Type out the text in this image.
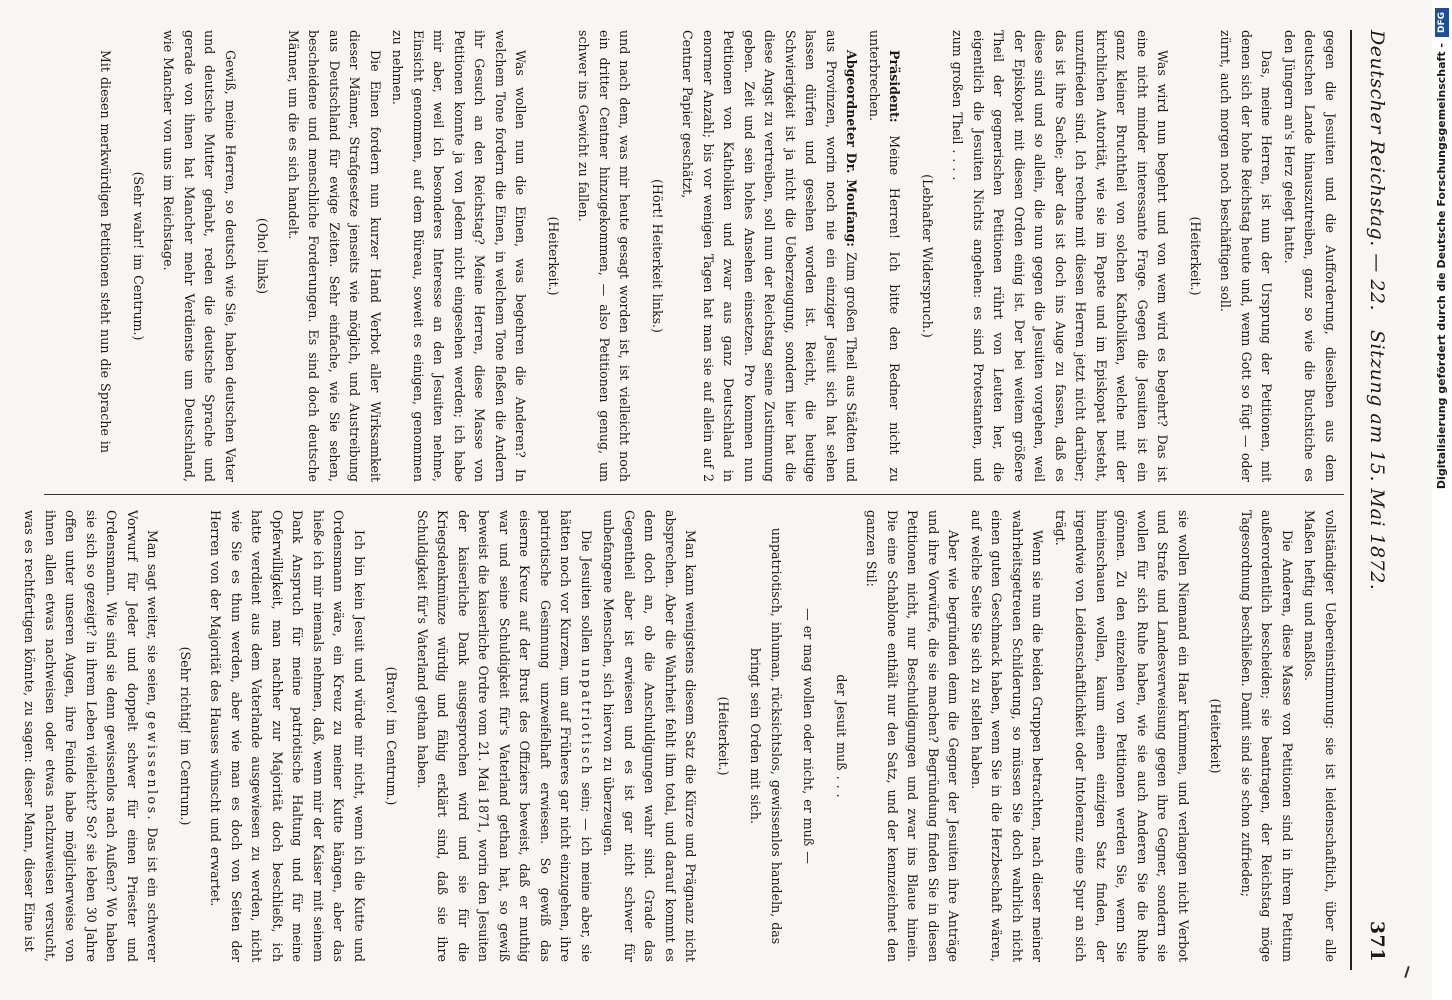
Deutscher Reichstag. — 22.
Sitzung am 15. Mai 1872.
371

gegen die Jesuiten und die Aufforderung, dieselben aus dem deutschen Lande hinauszutreiben, ganz so wie die Buchstiche es den Jüngern an's Herz gelegt hatte.

Das, meine Herren, ist nun der Ursprung der Petitionen, mit denen sich der hohe Reichstag heute und, wenn Gott so fügt — oder zürnt, auch morgen noch beschäftigen soll.

(Heiterkeit.)

Was wird nun begehrt und von wem wird es begehrt? Das ist eine nicht minder interessante Frage. Gegen die Jesuiten ist ein ganz kleiner Bruchtheil von solchen Katholiken, welche mit der kirchlichen Autorität, wie sie im Papste und im Episkopat besteht, unzufrieden sind. Ich rechne mit diesen Herren jetzt nicht darüber; das ist ihre Sache; aber das ist doch ins Auge zu fassen, daß es diese sind und so allein, die nun gegen die Jesuiten vorgehen, weil der Episkopat mit diesen Orden einig ist. Der bei weitem größere Theil der gegnerischen Petitionen rührt von Leuten her, die eigentlich die Jesuiten Nichts angehen: es sind Protestanten, und zum großen Theil . . . .

(Lebhafter Widerspruch.)

Präsident: Meine Herren! Ich bitte den Redner nicht zu unterbrechen.

Abgeordneter Dr. Moufang: Zum großen Theil aus Städten und aus Provinzen, worin noch nie ein einziger Jesuit sich hat sehen lassen dürfen und gesehen worden ist. Reicht, die heutige Schwierigkeit ist ja nicht die Ueberzeugung, sondern hier hat die diese Angst zu vertreiben, soll nun der Reichstag seine Zustimmung geben. Zeit und sein hohes Ansehen einsetzen. Pro kommen nun Petitionen von Katholiken und zwar aus ganz Deutschland in enormer Anzahl; bis vor wenigen Tagen hat man sie auf allein auf 2 Centner Papier geschätzt,

(Hört! Heiterkeit links.)

und nach dem, was mir heute gesagt worden ist, ist vielleicht noch ein dritter Centner hinzugekommen, — also Petitionen genug, um schwer ins Gewicht zu fallen.

(Heiterkeit.)

Was wollen nun die Einen, was begehren die Anderen? In welchem Tone fordern die Einen, in welchem Tone fleßen die Andern ihr Gesuch an den Reichstag? Meine Herren, diese Masse von Petitionen konnte ja von Jedem nicht eingesehen werden; ich habe mir aber, weil ich besonderes Interesse an den Jesuiten nehme, Einsicht genommen, auf dem Büreau, soweit es einigen, genommen zu nehmen.

Die Einen fordern nun kurzer Hand Verbot aller Wirksamkeit dieser Männer, Strafgesetze jenseits wie möglich, und Austreibung aus Deutschland für ewige Zeiten. Sehr einfache, wie Sie sehen, bescheidene und menschliche Forderungen. Es sind doch deutsche Männer, um die es sich handelt.

(Oho! links)

Gewiß, meine Herren, so deutsch wie Sie, haben deutschen Vater und deutsche Mutter gehabt, reden die deutsche Sprache und gerade von ihnen hat Mancher mehr Verdienste um Deutschland, wie Mancher von uns im Reichstage.

(Sehr wahr! im Centrum.)

Mit diesen merkwürdigen Petitionen steht nun die Sprache in

vollständiger Uebereinstimmung: sie ist leidenschaftlich, über alle Maßen heftig und maßlos.

Die Anderen, diese Masse von Petitionen sind in ihrem Petitum außerordentlich bescheiden; sie beantragen, der Reichstag möge Tagesordnung beschließen. Damit sind sie schon zufrieden;

(Heiterkeit)

sie wollen Niemand ein Haar krümmen, und verlangen nicht Verbot und Strafe und Landesverweisung gegen ihre Gegner, sondern sie wollen für sich Ruhe haben, wie sie auch Anderen Sie die Ruhe gönnen. Zu den einzelnen von Petitionen werden Sie, wenn Sie hineinschauen wollen, kaum einen einzigen Satz finden, der irgendwie von Leidenschaftlichkeit oder Intoleranz eine Spur an sich trägt.

Wenn sie nun die beiden Gruppen betrachten, nach dieser meiner wahrheitsgetreuen Schilderung, so müssen Sie doch wahrlich nicht einen guten Geschmack haben, wenn Sie in die Herzbeschaft wären, auf welche Seite Sie sich zu stellen haben.

Aber wie begründen denn die Gegner der Jesuiten ihre Anträge und ihre Vorwürfe, die sie machen? Begründung finden Sie in diesen Petitionen nicht, nur Beschuldigungen und zwar ins Blaue hinein. Die eine Schablone enthält nur den Satz, und der kennzeichnet den ganzen Stil:

der Jesuit muß . . .

— er mag wollen oder nicht, er muß —

unpatriotisch, inhuman, rücksichtslos, gewissenlos handeln, das bringt sein Orden mit sich.

(Heiterkeit.)

Man kann wenigstens diesem Satz die Kürze und Prägnanz nicht absprechen. Aber die Wahrheit fehlt ihm total, und darauf kommt es denn doch an, ob die Anschuldigungen wahr sind. Grade das Gegentheil aber ist erwiesen und es ist gar nicht schwer für unbefangene Menschen, sich hiervon zu überzeugen.

Die Jesuiten sollen unpatriotisch sein; — ich meine aber, sie hätten noch vor Kurzem, um auf Früheres gar nicht einzugehen, ihre patriotische Gesinnung unzweifelhaft erwiesen. So gewiß das eiserne Kreuz auf der Brust des Offiziers beweist, daß er muthig war und seine Schuldigkeit für's Vaterland gethan hat, so gewiß beweist die kaiserliche Ordre vom 21. Mai 1871, worin den Jesuiten der kaiserliche Dank ausgesprochen wird und sie für die Kriegsdenkmünze würdig und fähig erklärt sind, daß sie ihre Schuldigkeit für's Vaterland gethan haben.

(Bravo! im Centrum.)

Ich bin kein Jesuit und würde mir nicht, wenn ich die Kutte und Ordensmann wäre, ein Kreuz zu meiner Kutte hängen, aber das hieße ich mir niemals nehmen, daß, wenn mir der Kaiser mit seinem Dank Anspruch für meine patriotische Haltung und für meine Opferwilligkeit, man nachher zur Majorität doch beschließt, ich hatte verdient aus dem Vaterlande ausgewiesen zu werden, nicht wie Sie es thun werden, aber wie man es doch von Seiten der Herren von der Majorität des Hauses wünscht und erwartet.

(Sehr richtig! im Centrum.)

Man sagt weiter, sie seien, gewissenlos. Das ist ein schwerer Vorwurf für Jeder und doppelt schwer für einen Priester und Ordensmann. Wie sind sie denn gewissenlos nach Außen? Wo haben sie sich so gezeigt? in ihrem Leben vielleicht? So? sie leben 30 Jahre offen unter unseren Augen, ihre Feinde habe möglicherweise von ihnen allen etwas nachweisen oder etwas nachzuweisen versucht, was es rechtfertigen könnte, zu sagen: dieser Mann, dieser Eine ist

Digitalisierung gefördert durch die Deutsche Forschungsgemeinschaft -DFG
